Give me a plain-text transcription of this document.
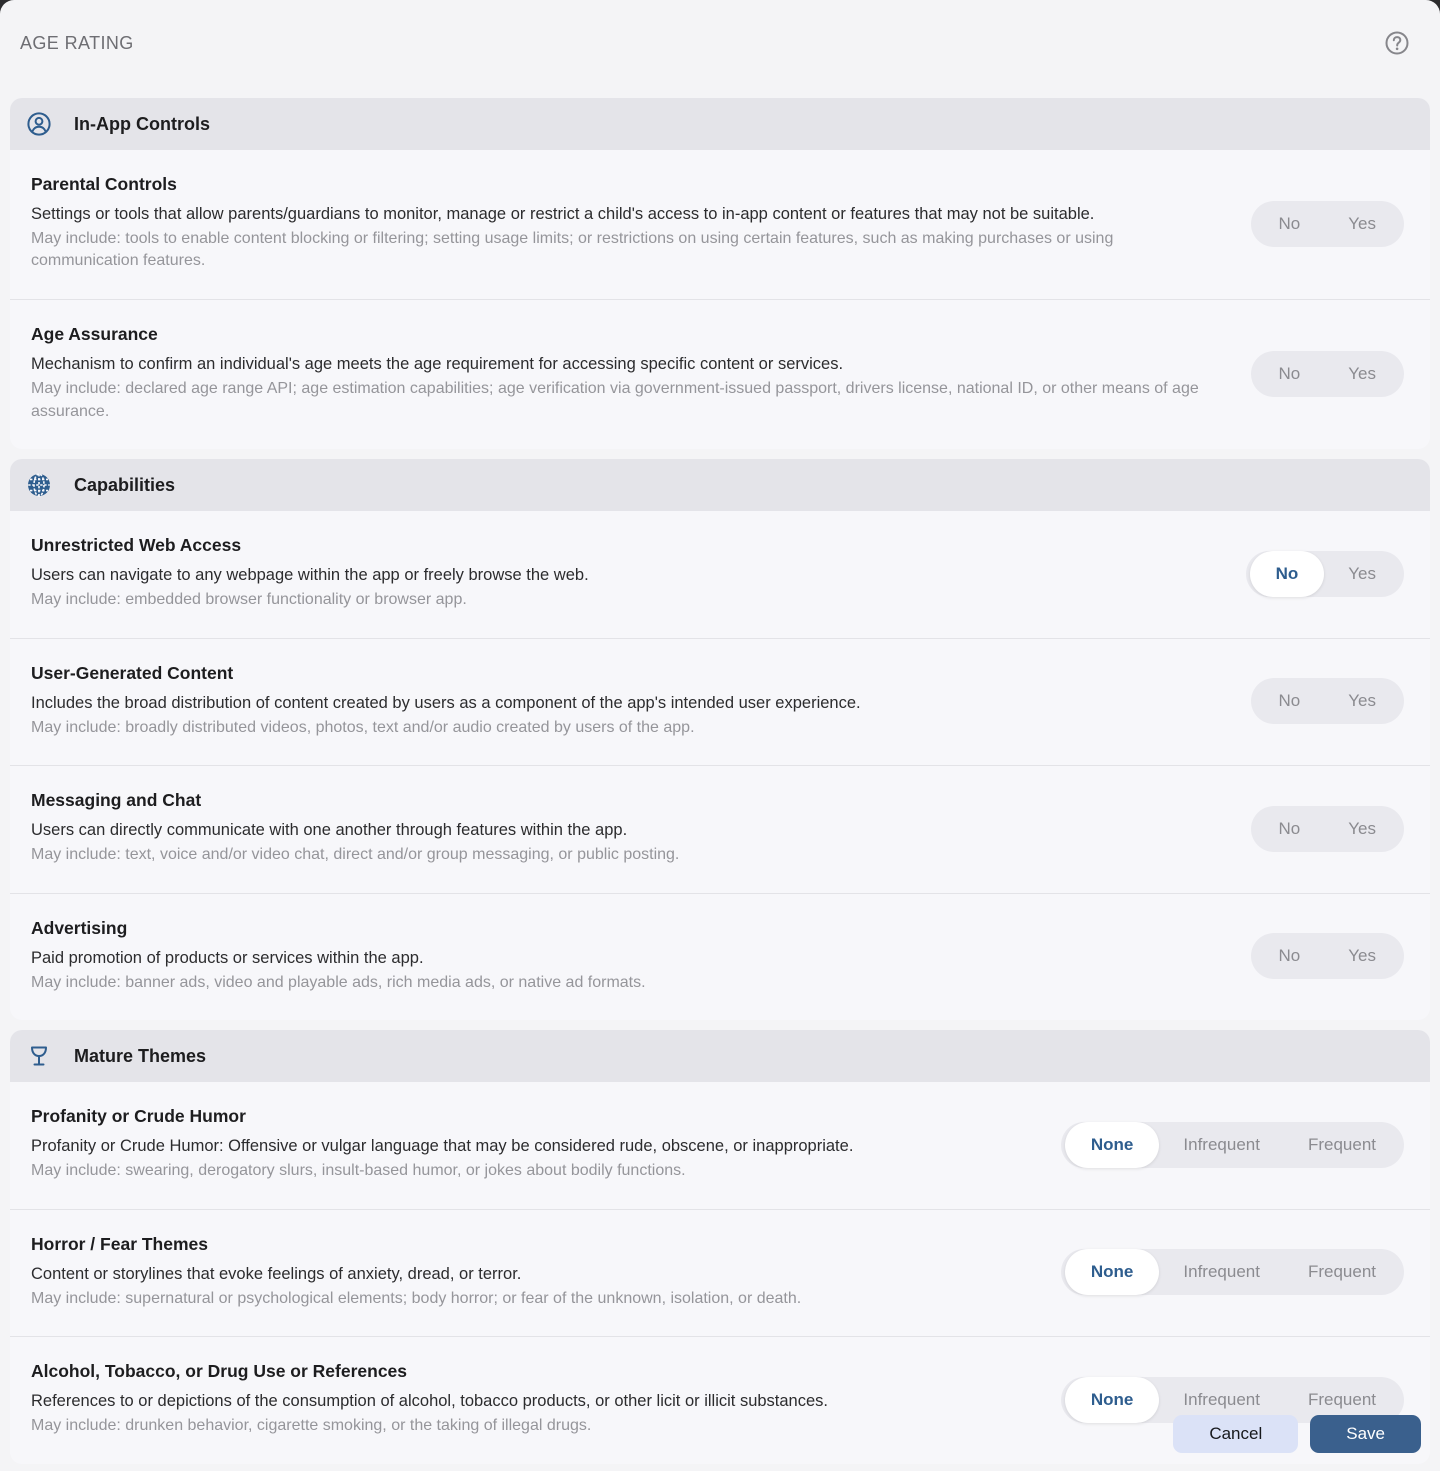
AGE RATING
In-App Controls
Parental Controls
Settings or tools that allow parents/guardians to monitor, manage or restrict a child's access to in-app content or features that may not be suitable.
May include: tools to enable content blocking or filtering; setting usage limits; or restrictions on using certain features, such as making purchases or using communication features.
No	Yes
Age Assurance
Mechanism to confirm an individual's age meets the age requirement for accessing specific content or services.
May include: declared age range API; age estimation capabilities; age verification via government-issued passport, drivers license, national ID, or other means of age assurance.
No	Yes
Capabilities
Unrestricted Web Access
Users can navigate to any webpage within the app or freely browse the web.
May include: embedded browser functionality or browser app.
No	Yes
User-Generated Content
Includes the broad distribution of content created by users as a component of the app's intended user experience.
May include: broadly distributed videos, photos, text and/or audio created by users of the app.
No	Yes
Messaging and Chat
Users can directly communicate with one another through features within the app.
May include: text, voice and/or video chat, direct and/or group messaging, or public posting.
No	Yes
Advertising
Paid promotion of products or services within the app.
May include: banner ads, video and playable ads, rich media ads, or native ad formats.
No	Yes
Mature Themes
Profanity or Crude Humor
Profanity or Crude Humor: Offensive or vulgar language that may be considered rude, obscene, or inappropriate.
May include: swearing, derogatory slurs, insult-based humor, or jokes about bodily functions.
None	Infrequent	Frequent
Horror / Fear Themes
Content or storylines that evoke feelings of anxiety, dread, or terror.
May include: supernatural or psychological elements; body horror; or fear of the unknown, isolation, or death.
None	Infrequent	Frequent
Alcohol, Tobacco, or Drug Use or References
References to or depictions of the consumption of alcohol, tobacco products, or other licit or illicit substances.
May include: drunken behavior, cigarette smoking, or the taking of illegal drugs.
None	Infrequent	Frequent
Cancel	Save
